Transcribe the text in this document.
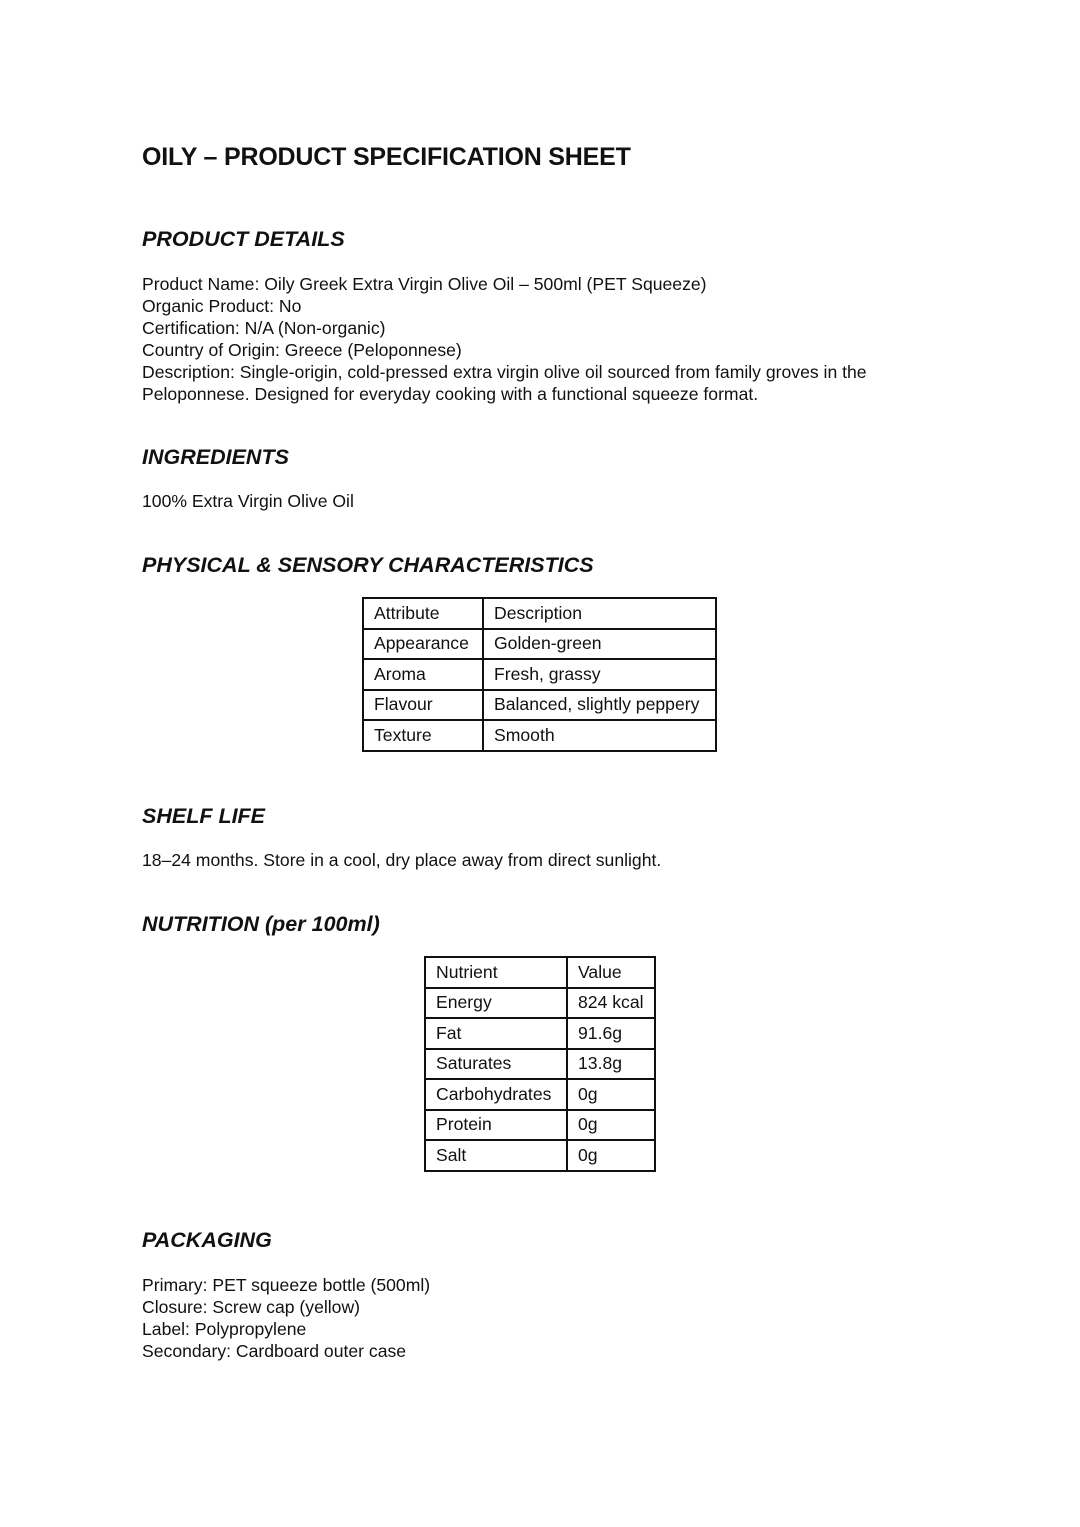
OILY – PRODUCT SPECIFICATION SHEET
PRODUCT DETAILS
Product Name: Oily Greek Extra Virgin Olive Oil – 500ml (PET Squeeze)
Organic Product: No
Certification: N/A (Non-organic)
Country of Origin: Greece (Peloponnese)
Description: Single-origin, cold-pressed extra virgin olive oil sourced from family groves in the
Peloponnese. Designed for everyday cooking with a functional squeeze format.
INGREDIENTS
100% Extra Virgin Olive Oil
PHYSICAL & SENSORY CHARACTERISTICS
Attribute	Description
Appearance	Golden-green
Aroma	Fresh, grassy
Flavour	Balanced, slightly peppery
Texture	Smooth
SHELF LIFE
18–24 months. Store in a cool, dry place away from direct sunlight.
NUTRITION (per 100ml)
Nutrient	Value
Energy	824 kcal
Fat	91.6g
Saturates	13.8g
Carbohydrates	0g
Protein	0g
Salt	0g
PACKAGING
Primary: PET squeeze bottle (500ml)
Closure: Screw cap (yellow)
Label: Polypropylene
Secondary: Cardboard outer case
